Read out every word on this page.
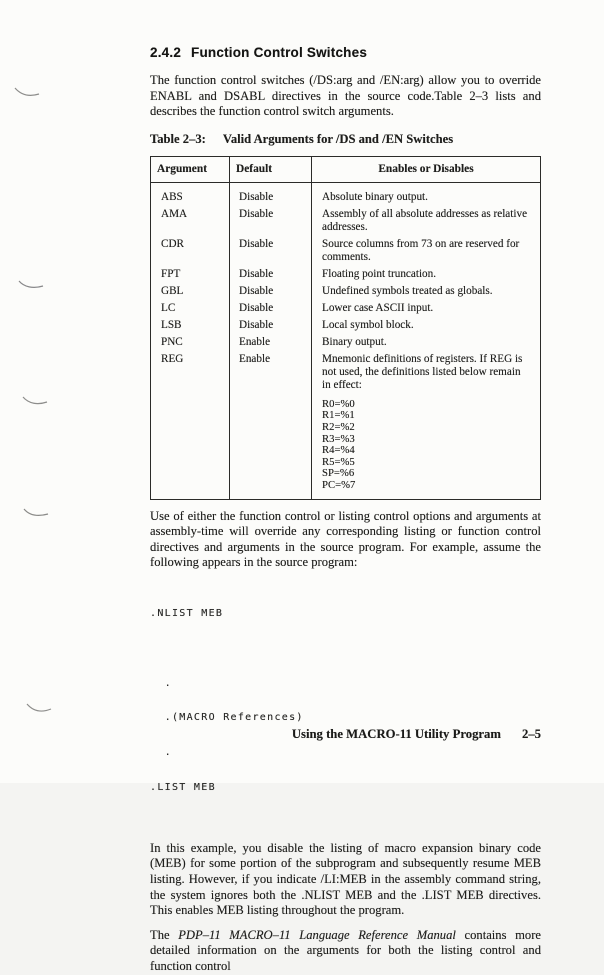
2.4.2 Function Control Switches

The function control switches (/DS:arg and /EN:arg) allow you to override ENABL and DSABL directives in the source code.Table 2–3 lists and describes the function control switch arguments.

Table 2–3: Valid Arguments for /DS and /EN Switches
Argument	Default	Enables or Disables
ABS	Disable	Absolute binary output.
AMA	Disable	Assembly of all absolute addresses as relative addresses.
CDR	Disable	Source columns from 73 on are reserved for comments.
FPT	Disable	Floating point truncation.
GBL	Disable	Undefined symbols treated as globals.
LC	Disable	Lower case ASCII input.
LSB	Disable	Local symbol block.
PNC	Enable	Binary output.
REG	Enable	Mnemonic definitions of registers. If REG is not used, the definitions listed below remain in effect:
R0=%0
R1=%1
R2=%2
R3=%3
R4=%4
R5=%5
SP=%6
PC=%7

Use of either the function control or listing control options and arguments at assembly-time will override any corresponding listing or function control directives and arguments in the source program. For example, assume the following appears in the source program:

.NLIST MEB

.

.(MACRO References)

.

.LIST MEB

In this example, you disable the listing of macro expansion binary code (MEB) for some portion of the subprogram and subsequently resume MEB listing. However, if you indicate /LI:MEB in the assembly command string, the system ignores both the .NLIST MEB and the .LIST MEB directives. This enables MEB listing throughout the program.

The PDP–11 MACRO–11 Language Reference Manual contains more detailed information on the arguments for both the listing control and function control

Using the MACRO-11 Utility Program 2–5
